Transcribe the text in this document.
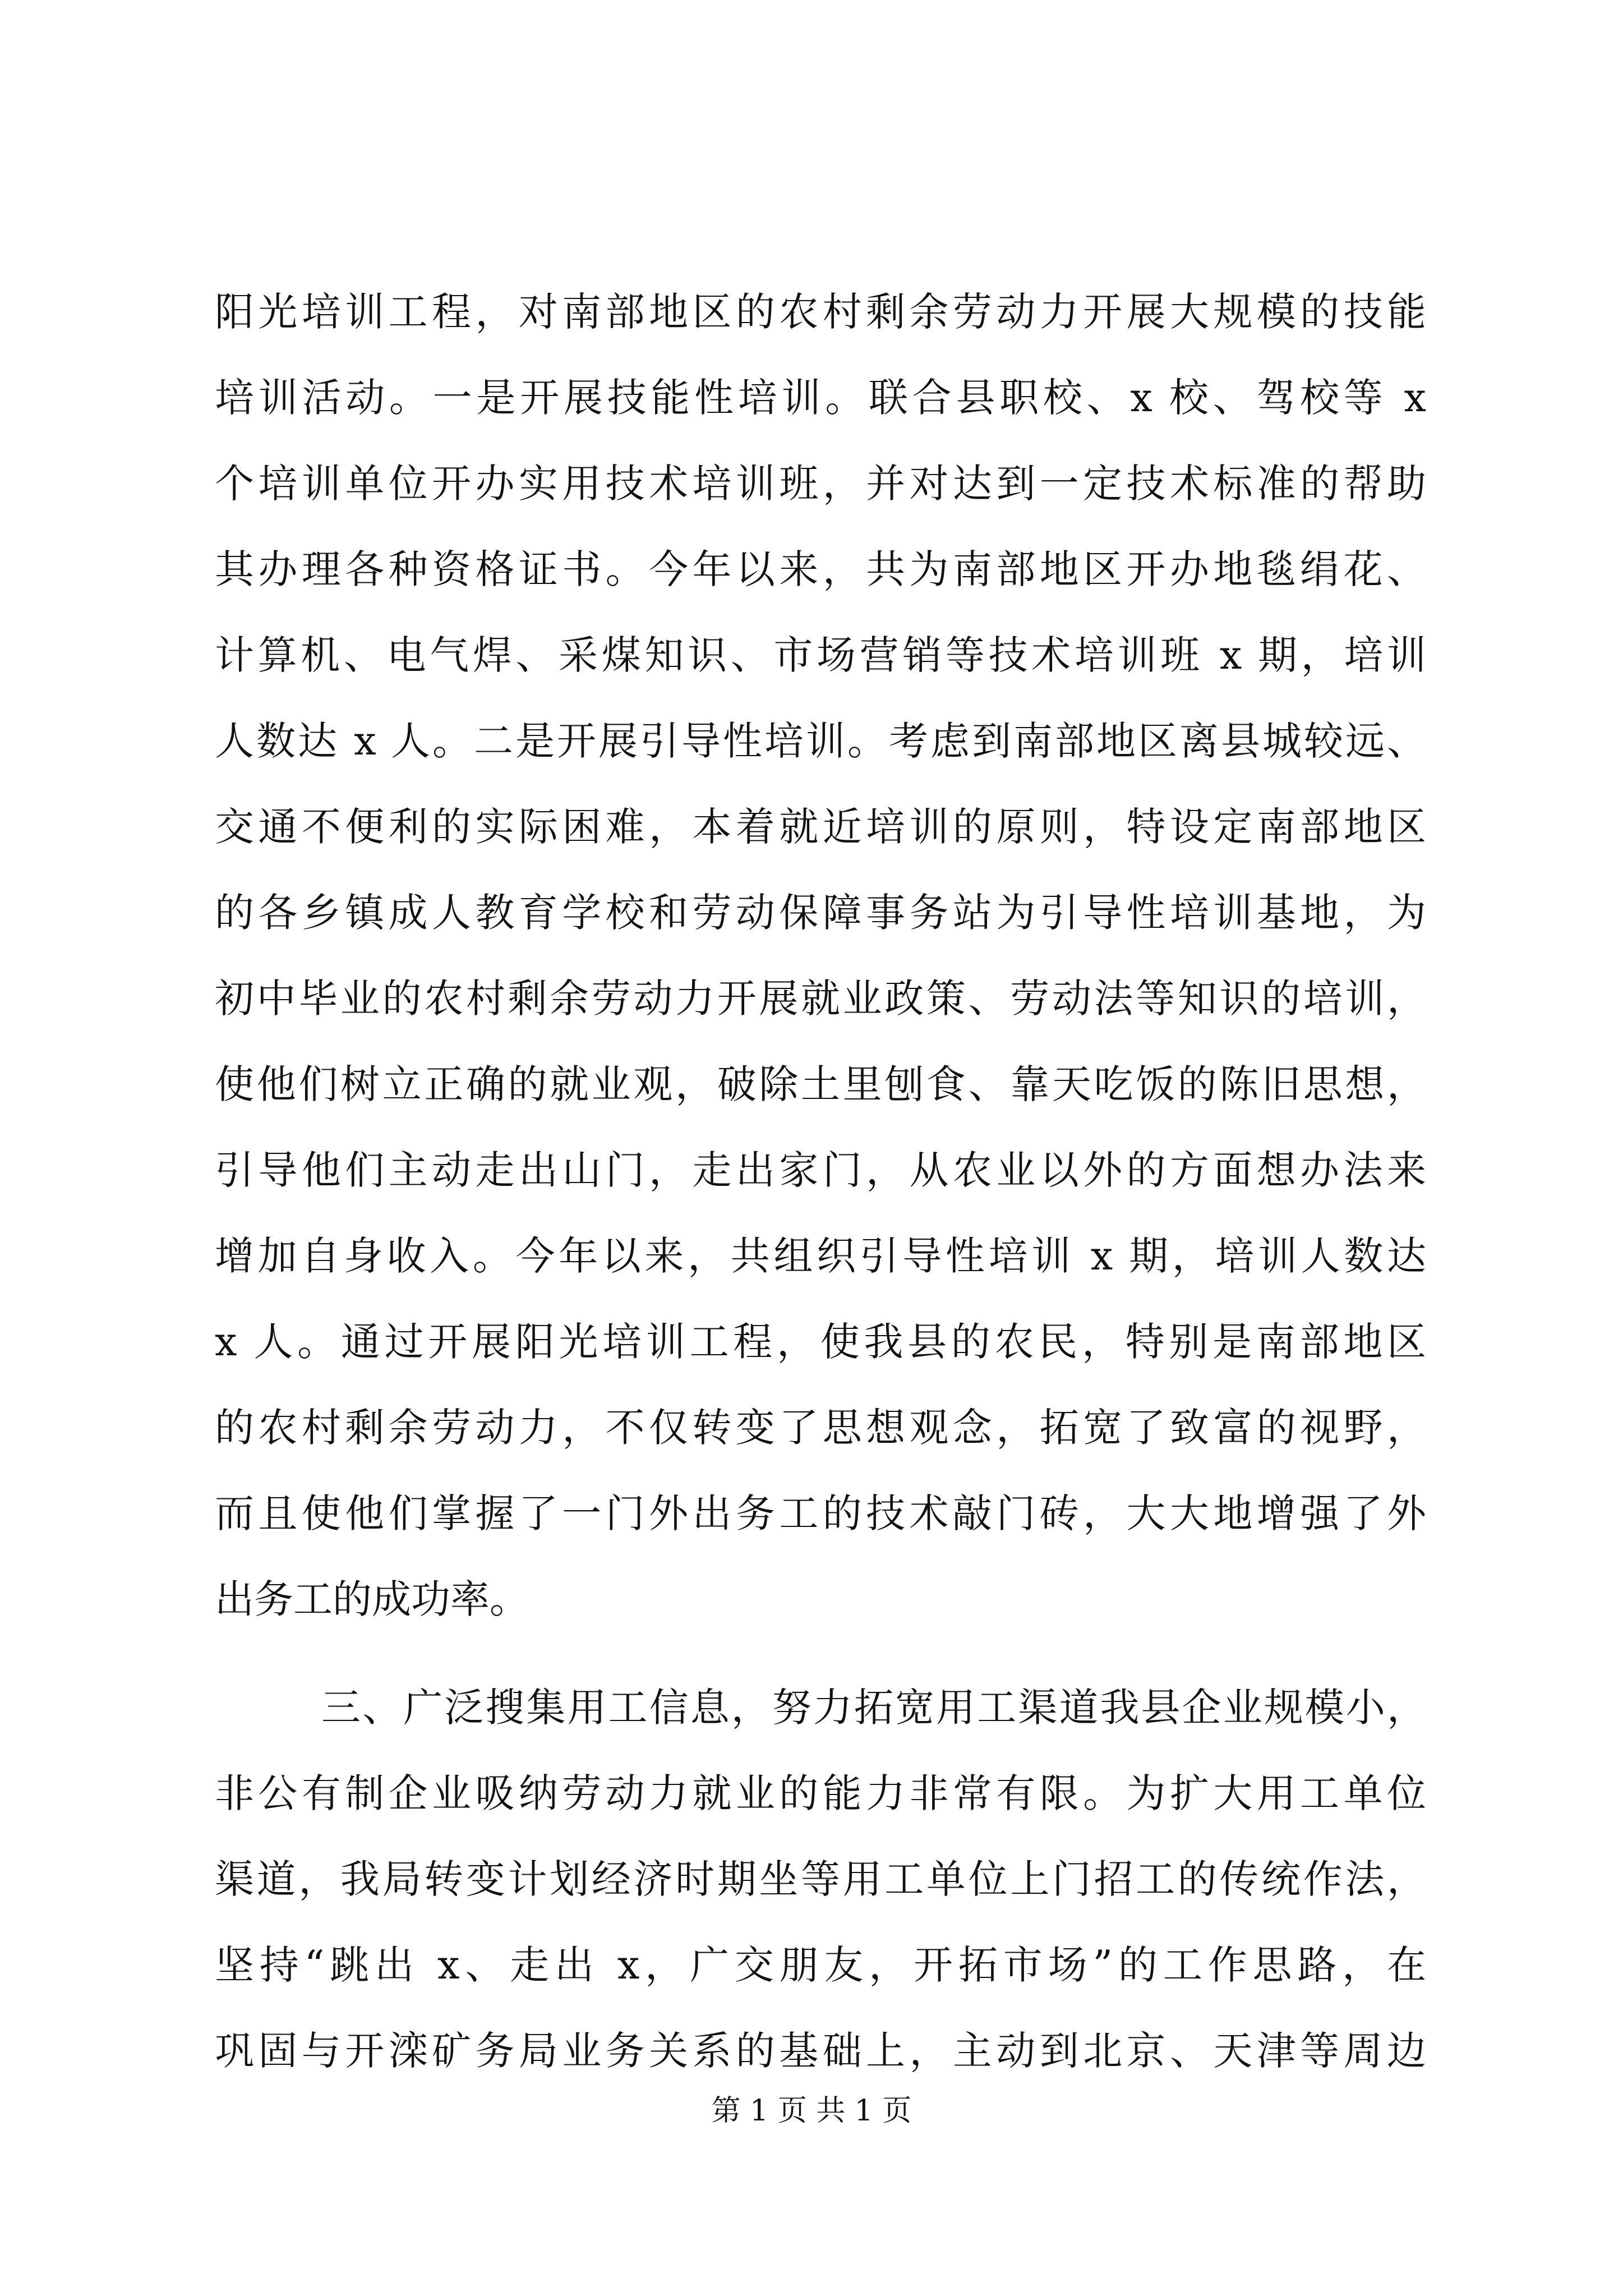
阳光培训工程，对南部地区的农村剩余劳动力开展大规模的技能
培训活动。一是开展技能性培训。联合县职校、x 校、驾校等 x
个培训单位开办实用技术培训班，并对达到一定技术标准的帮助
其办理各种资格证书。今年以来，共为南部地区开办地毯绢花、
计算机、电气焊、采煤知识、市场营销等技术培训班 x 期，培训
人数达 x 人。二是开展引导性培训。考虑到南部地区离县城较远、
交通不便利的实际困难，本着就近培训的原则，特设定南部地区
的各乡镇成人教育学校和劳动保障事务站为引导性培训基地，为
初中毕业的农村剩余劳动力开展就业政策、劳动法等知识的培训，
使他们树立正确的就业观，破除土里刨食、靠天吃饭的陈旧思想，
引导他们主动走出山门，走出家门，从农业以外的方面想办法来
增加自身收入。今年以来，共组织引导性培训 x 期，培训人数达
x 人。通过开展阳光培训工程，使我县的农民，特别是南部地区
的农村剩余劳动力，不仅转变了思想观念，拓宽了致富的视野，
而且使他们掌握了一门外出务工的技术敲门砖，大大地增强了外
出务工的成功率。
三、广泛搜集用工信息，努力拓宽用工渠道我县企业规模小，
非公有制企业吸纳劳动力就业的能力非常有限。为扩大用工单位
渠道，我局转变计划经济时期坐等用工单位上门招工的传统作法，
坚持“跳出 x、走出 x，广交朋友，开拓市场”的工作思路，在
巩固与开滦矿务局业务关系的基础上，主动到北京、天津等周边
第 1 页 共 1 页
